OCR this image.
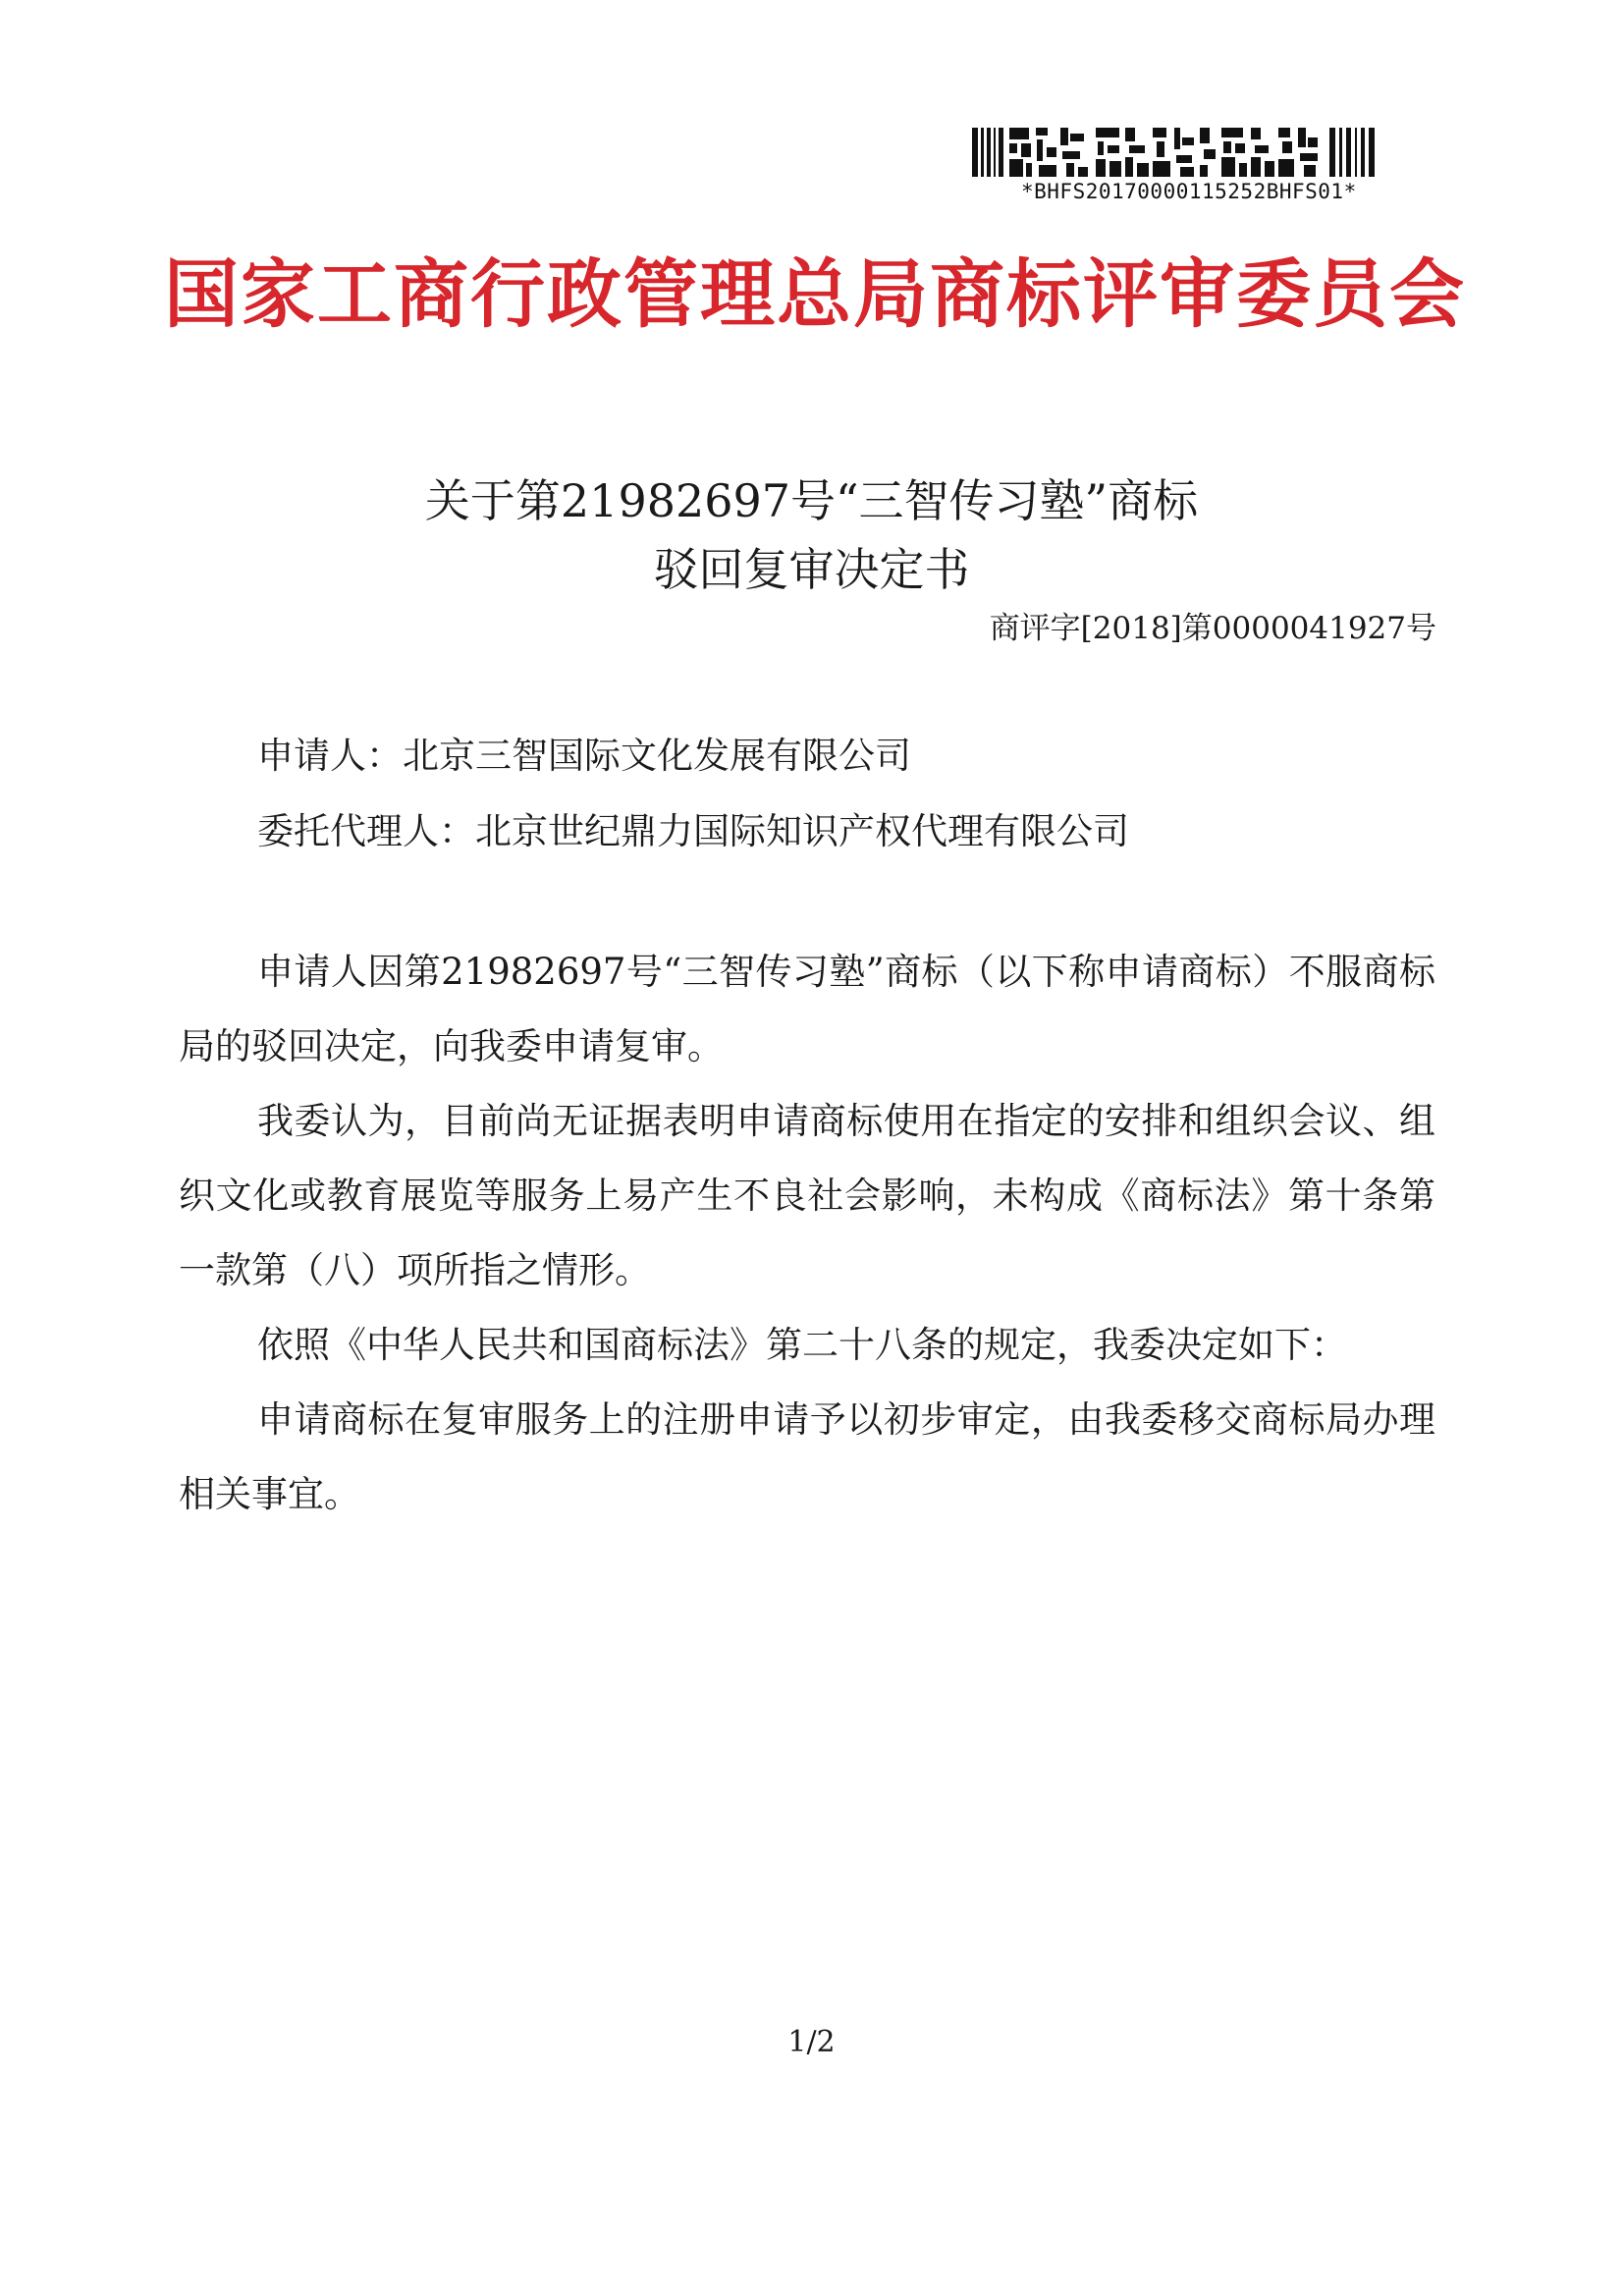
*BHFS20170000115252BHFS01*
国家工商行政管理总局商标评审委员会
关于第21982697号“三智传习塾”商标
驳回复审决定书
商评字[2018]第0000041927号
申请人：北京三智国际文化发展有限公司
委托代理人：北京世纪鼎力国际知识产权代理有限公司

申请人因第21982697号“三智传习塾”商标（以下称申请商标）不服商标局的驳回决定，向我委申请复审。

我委认为，目前尚无证据表明申请商标使用在指定的安排和组织会议、组织文化或教育展览等服务上易产生不良社会影响，未构成《商标法》第十条第一款第（八）项所指之情形。

依照《中华人民共和国商标法》第二十八条的规定，我委决定如下：

申请商标在复审服务上的注册申请予以初步审定，由我委移交商标局办理相关事宜。

1/2
